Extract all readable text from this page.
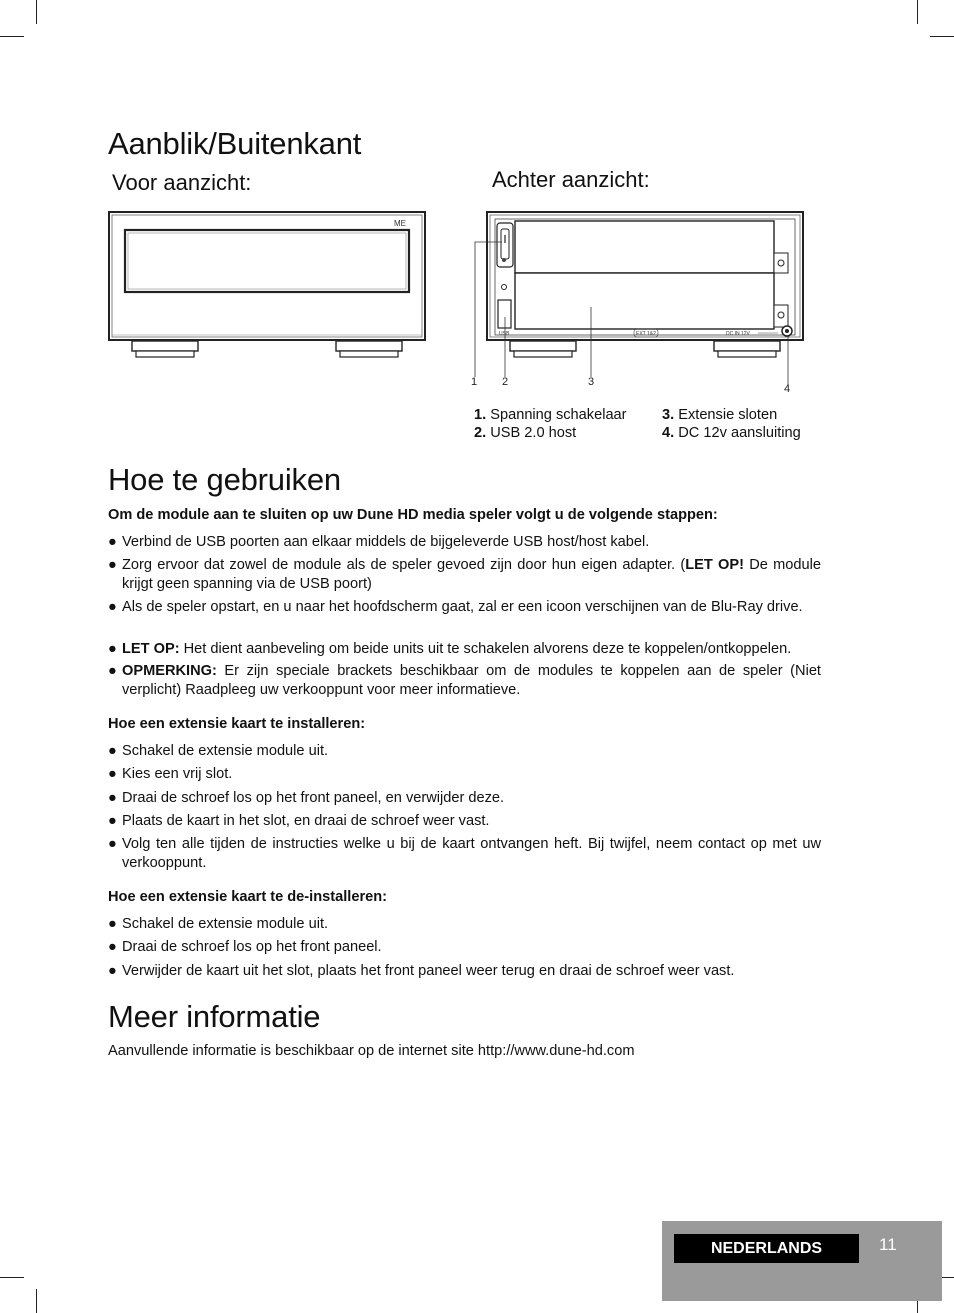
Aanblik/Buitenkant
Voor aanzicht:	Achter aanzicht:
ME
USB	EXT 1&2	DC IN 12V
1 2	3
4
1. Spanning schakelaar
2. USB 2.0 host
3. Extensie sloten
4. DC 12v aansluiting
Hoe te gebruiken
Om de module aan te sluiten op uw Dune HD media speler volgt u de volgende stappen:
● Verbind de USB poorten aan elkaar middels de bijgeleverde USB host/host kabel.
● Zorg ervoor dat zowel de module als de speler gevoed zijn door hun eigen adapter. (LET OP! De module krijgt geen spanning via de USB poort)
● Als de speler opstart, en u naar het hoofdscherm gaat, zal er een icoon verschijnen van de Blu-Ray drive.
● LET OP: Het dient aanbeveling om beide units uit te schakelen alvorens deze te koppelen/ontkoppelen.
● OPMERKING: Er zijn speciale brackets beschikbaar om de modules te koppelen aan de speler (Niet verplicht) Raadpleeg uw verkooppunt voor meer informatieve.
Hoe een extensie kaart te installeren:
● Schakel de extensie module uit.
● Kies een vrij slot.
● Draai de schroef los op het front paneel, en verwijder deze.
● Plaats de kaart in het slot, en draai de schroef weer vast.
● Volg ten alle tijden de instructies welke u bij de kaart ontvangen heft. Bij twijfel, neem contact op met uw verkooppunt.
Hoe een extensie kaart te de-installeren:
● Schakel de extensie module uit.
● Draai de schroef los op het front paneel.
● Verwijder de kaart uit het slot, plaats het front paneel weer terug en draai de schroef weer vast.
Meer informatie
Aanvullende informatie is beschikbaar op de internet site http://www.dune-hd.com
NEDERLANDS	11
